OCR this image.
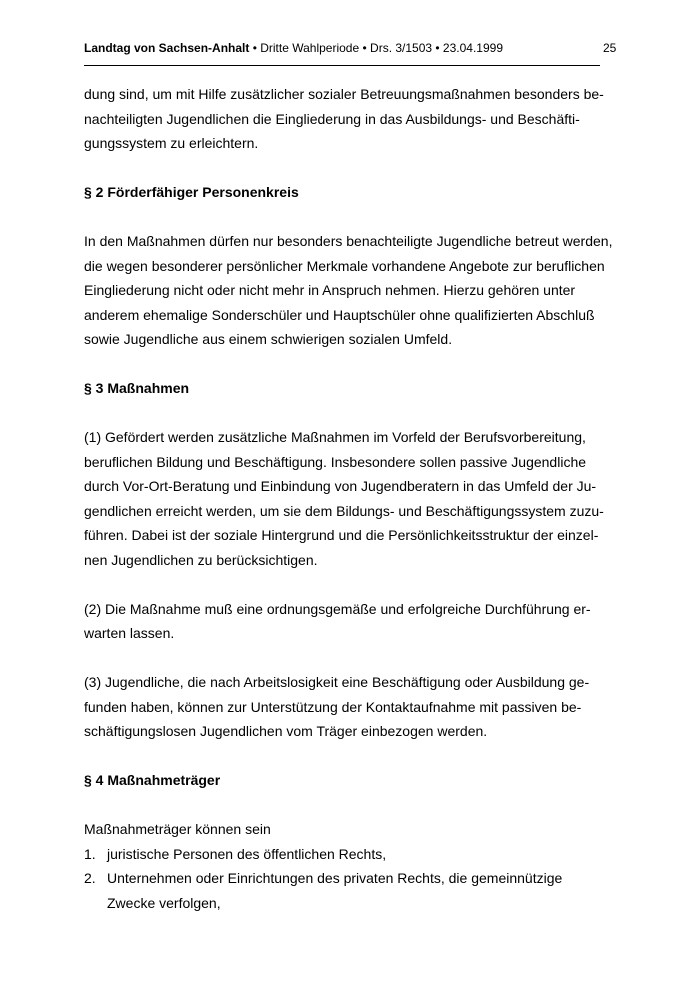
Landtag von Sachsen-Anhalt • Dritte Wahlperiode • Drs. 3/1503 • 23.04.1999	25

dung sind, um mit Hilfe zusätzlicher sozialer Betreuungsmaßnahmen besonders be-

nachteiligten Jugendlichen die Eingliederung in das Ausbildungs- und Beschäfti-

gungssystem zu erleichtern.

§ 2 Förderfähiger Personenkreis

In den Maßnahmen dürfen nur besonders benachteiligte Jugendliche betreut werden,

die wegen besonderer persönlicher Merkmale vorhandene Angebote zur beruflichen

Eingliederung nicht oder nicht mehr in Anspruch nehmen. Hierzu gehören unter

anderem ehemalige Sonderschüler und Hauptschüler ohne qualifizierten Abschluß

sowie Jugendliche aus einem schwierigen sozialen Umfeld.

§ 3 Maßnahmen

(1) Gefördert werden zusätzliche Maßnahmen im Vorfeld der Berufsvorbereitung,

beruflichen Bildung und Beschäftigung. Insbesondere sollen passive Jugendliche

durch Vor-Ort-Beratung und Einbindung von Jugendberatern in das Umfeld der Ju-

gendlichen erreicht werden, um sie dem Bildungs- und Beschäftigungssystem zuzu-

führen. Dabei ist der soziale Hintergrund und die Persönlichkeitsstruktur der einzel-

nen Jugendlichen zu berücksichtigen.

(2) Die Maßnahme muß eine ordnungsgemäße und erfolgreiche Durchführung er-

warten lassen.

(3) Jugendliche, die nach Arbeitslosigkeit eine Beschäftigung oder Ausbildung ge-

funden haben, können zur Unterstützung der Kontaktaufnahme mit passiven be-

schäftigungslosen Jugendlichen vom Träger einbezogen werden.

§ 4 Maßnahmeträger

Maßnahmeträger können sein

1. juristische Personen des öffentlichen Rechts,

2. Unternehmen oder Einrichtungen des privaten Rechts, die gemeinnützige

Zwecke verfolgen,
